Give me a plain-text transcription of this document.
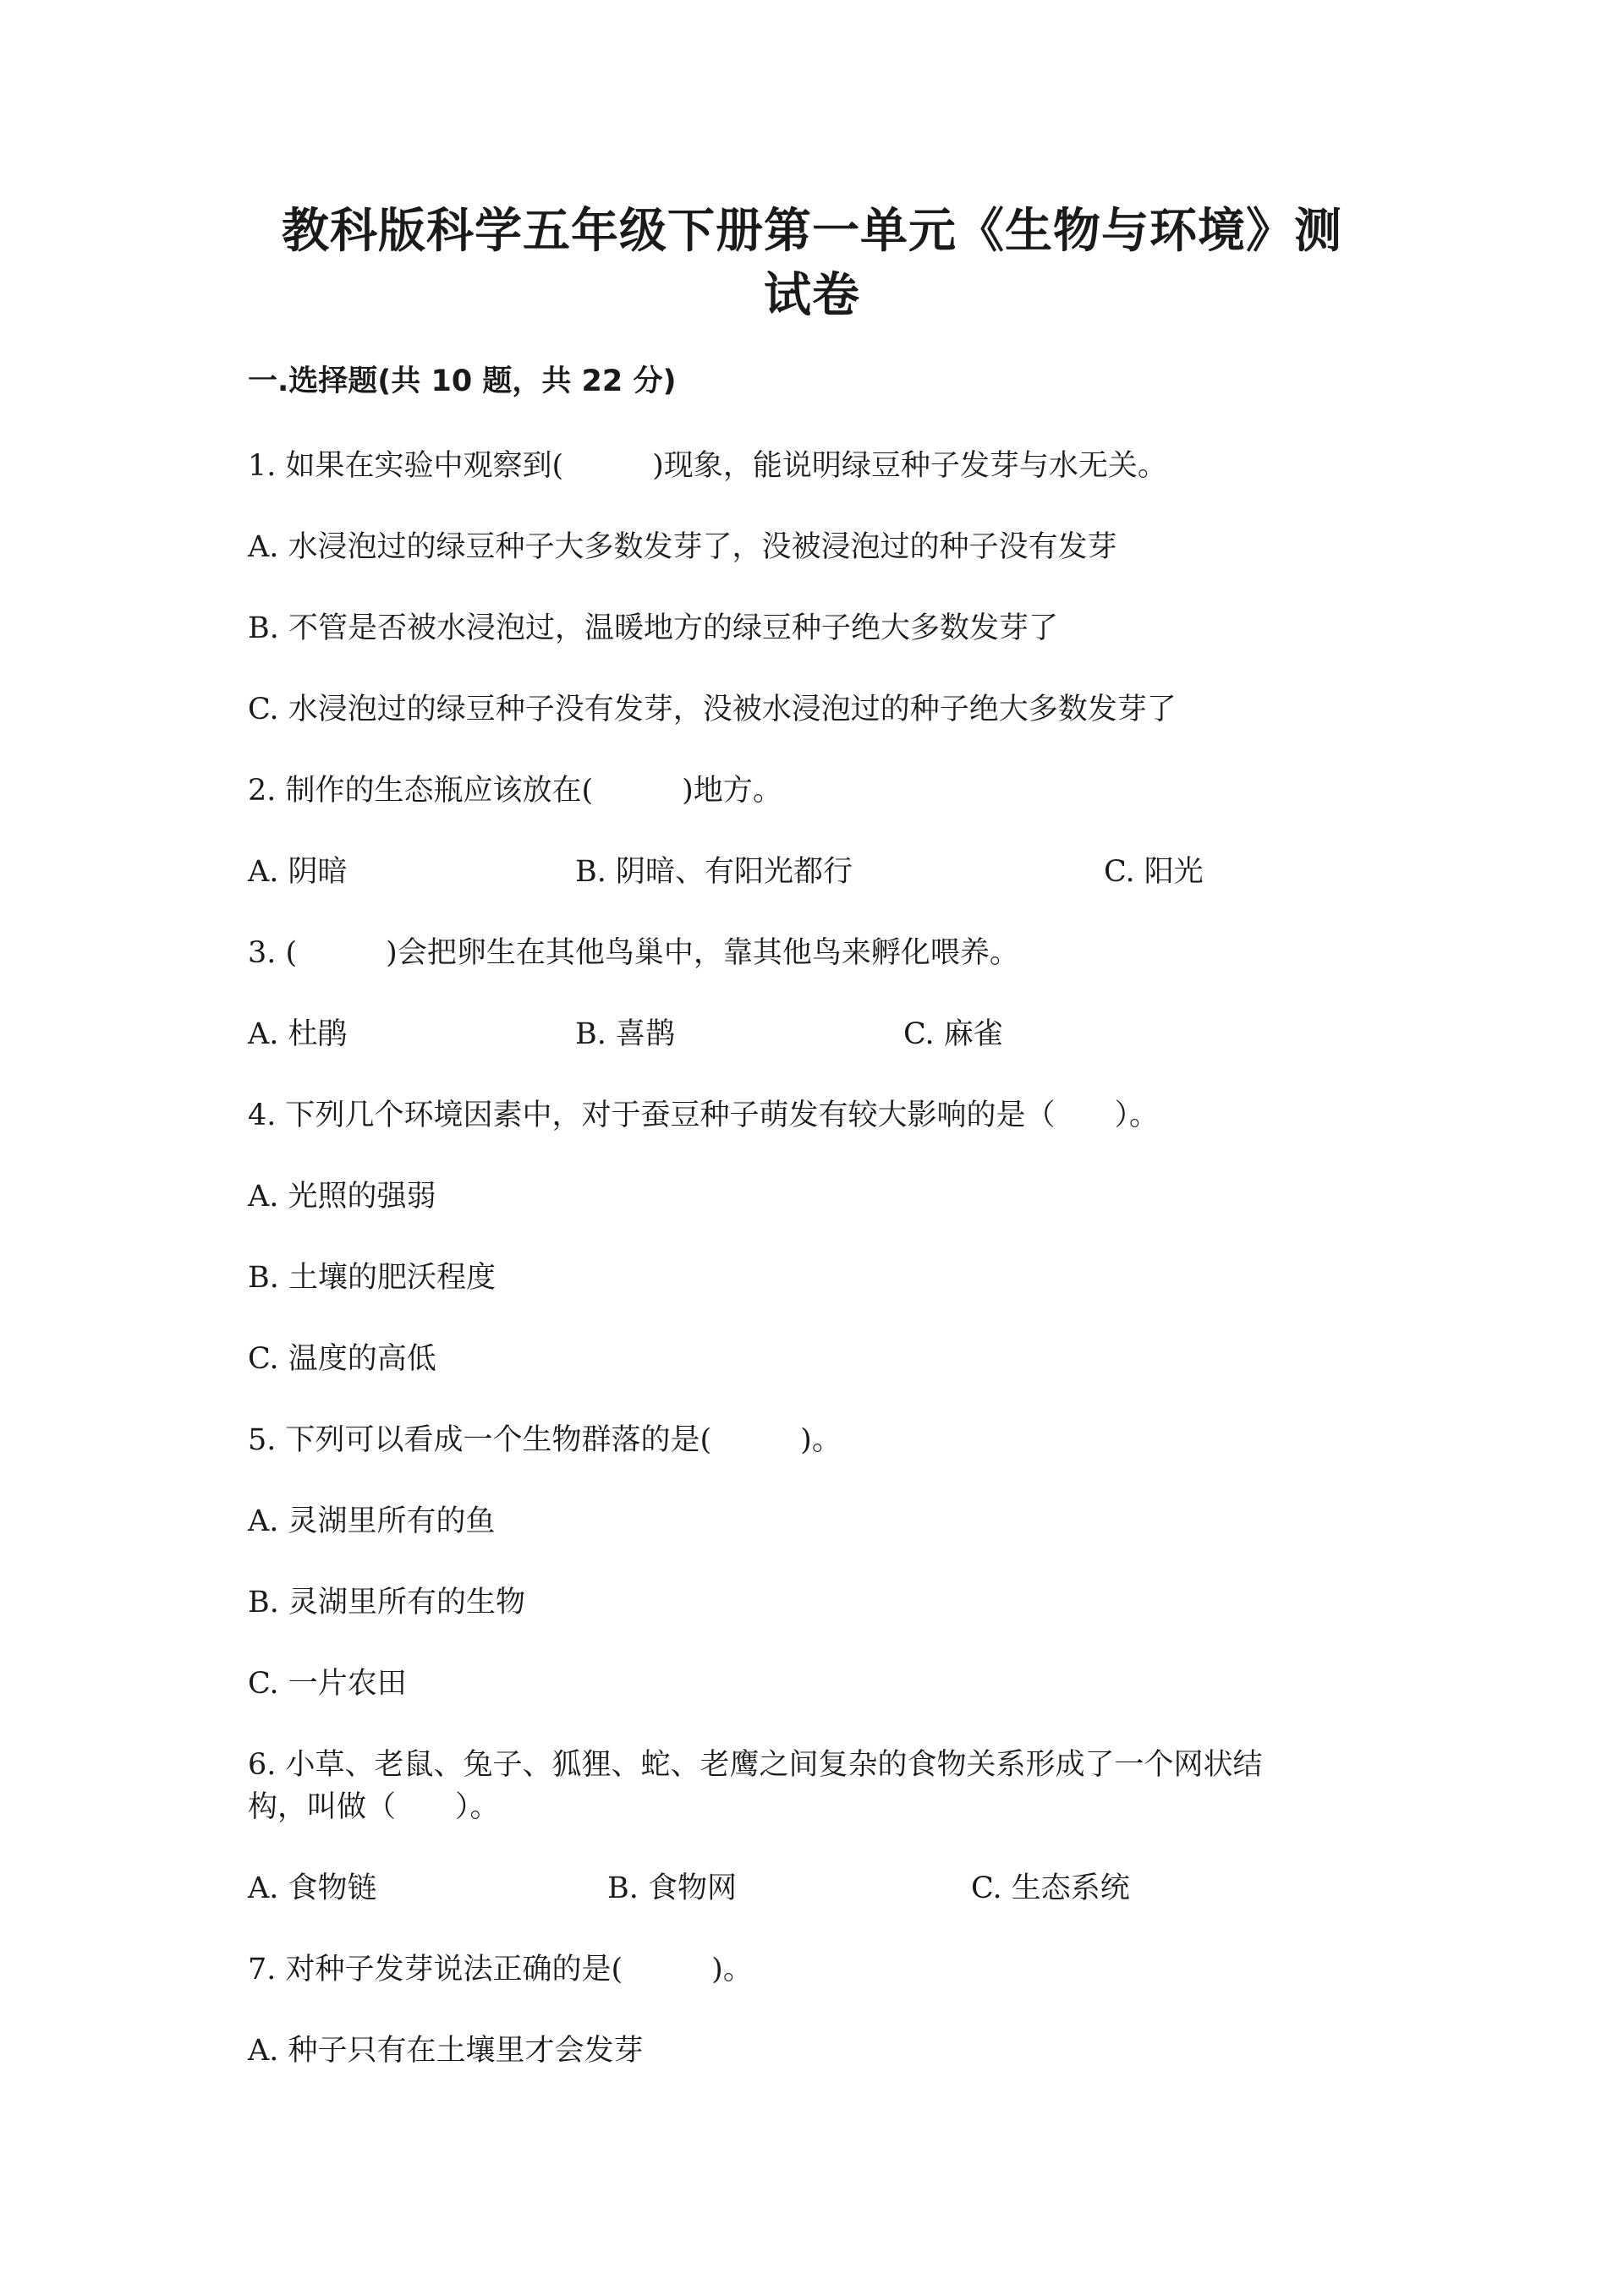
教科版科学五年级下册第一单元《生物与环境》测
试卷
一.选择题(共 10 题，共 22 分)
1. 如果在实验中观察到(　　　)现象，能说明绿豆种子发芽与水无关。
A. 水浸泡过的绿豆种子大多数发芽了，没被浸泡过的种子没有发芽
B. 不管是否被水浸泡过，温暖地方的绿豆种子绝大多数发芽了
C. 水浸泡过的绿豆种子没有发芽，没被水浸泡过的种子绝大多数发芽了
2. 制作的生态瓶应该放在(　　　)地方。
A. 阴暗	B. 阴暗、有阳光都行	C. 阳光
3. (　　　)会把卵生在其他鸟巢中，靠其他鸟来孵化喂养。
A. 杜鹃	B. 喜鹊	C. 麻雀
4. 下列几个环境因素中，对于蚕豆种子萌发有较大影响的是（　　）。
A. 光照的强弱
B. 土壤的肥沃程度
C. 温度的高低
5. 下列可以看成一个生物群落的是(　　　)。
A. 灵湖里所有的鱼
B. 灵湖里所有的生物
C. 一片农田
6. 小草、老鼠、兔子、狐狸、蛇、老鹰之间复杂的食物关系形成了一个网状结
构，叫做（　　）。
A. 食物链	B. 食物网	C. 生态系统
7. 对种子发芽说法正确的是(　　　)。
A. 种子只有在土壤里才会发芽
